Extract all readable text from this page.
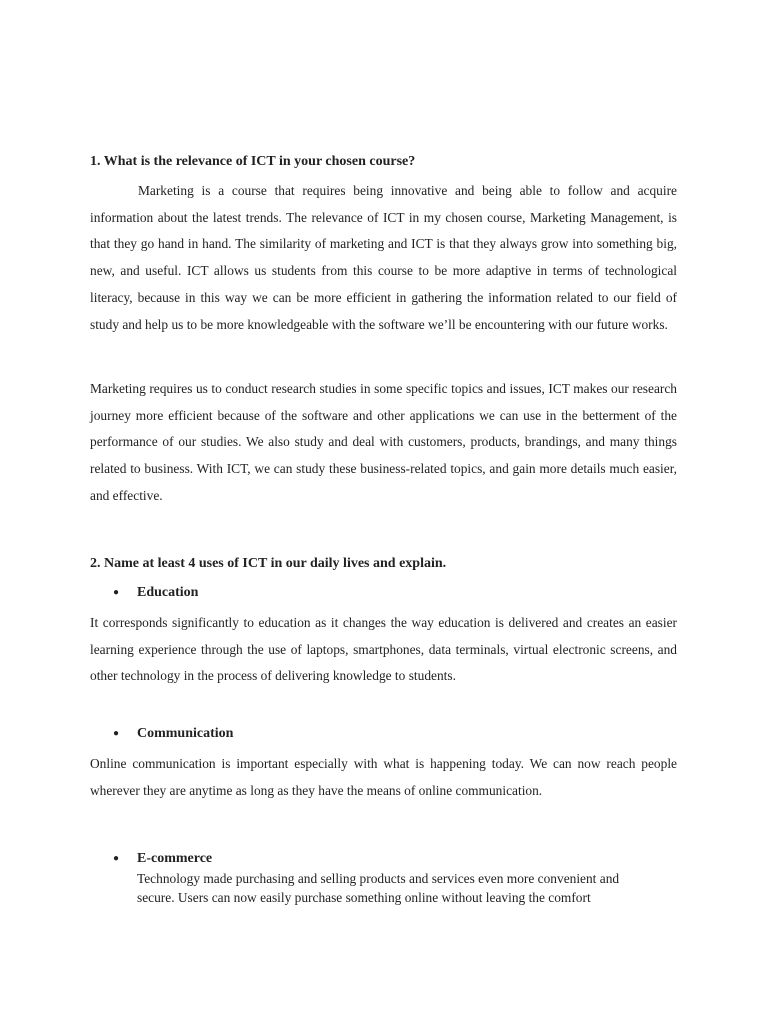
1. What is the relevance of ICT in your chosen course?

Marketing is a course that requires being innovative and being able to follow and acquire information about the latest trends. The relevance of ICT in my chosen course, Marketing Management, is that they go hand in hand. The similarity of marketing and ICT is that they always grow into something big, new, and useful. ICT allows us students from this course to be more adaptive in terms of technological literacy, because in this way we can be more efficient in gathering the information related to our field of study and help us to be more knowledgeable with the software we’ll be encountering with our future works.

Marketing requires us to conduct research studies in some specific topics and issues, ICT makes our research journey more efficient because of the software and other applications we can use in the betterment of the performance of our studies. We also study and deal with customers, products, brandings, and many things related to business. With ICT, we can study these business-related topics, and gain more details much easier, and effective.

2. Name at least 4 uses of ICT in our daily lives and explain.
● Education

It corresponds significantly to education as it changes the way education is delivered and creates an easier learning experience through the use of laptops, smartphones, data terminals, virtual electronic screens, and other technology in the process of delivering knowledge to students.

● Communication

Online communication is important especially with what is happening today. We can now reach people wherever they are anytime as long as they have the means of online communication.

● E-commerce

Technology made purchasing and selling products and services even more convenient and secure. Users can now easily purchase something online without leaving the comfort
